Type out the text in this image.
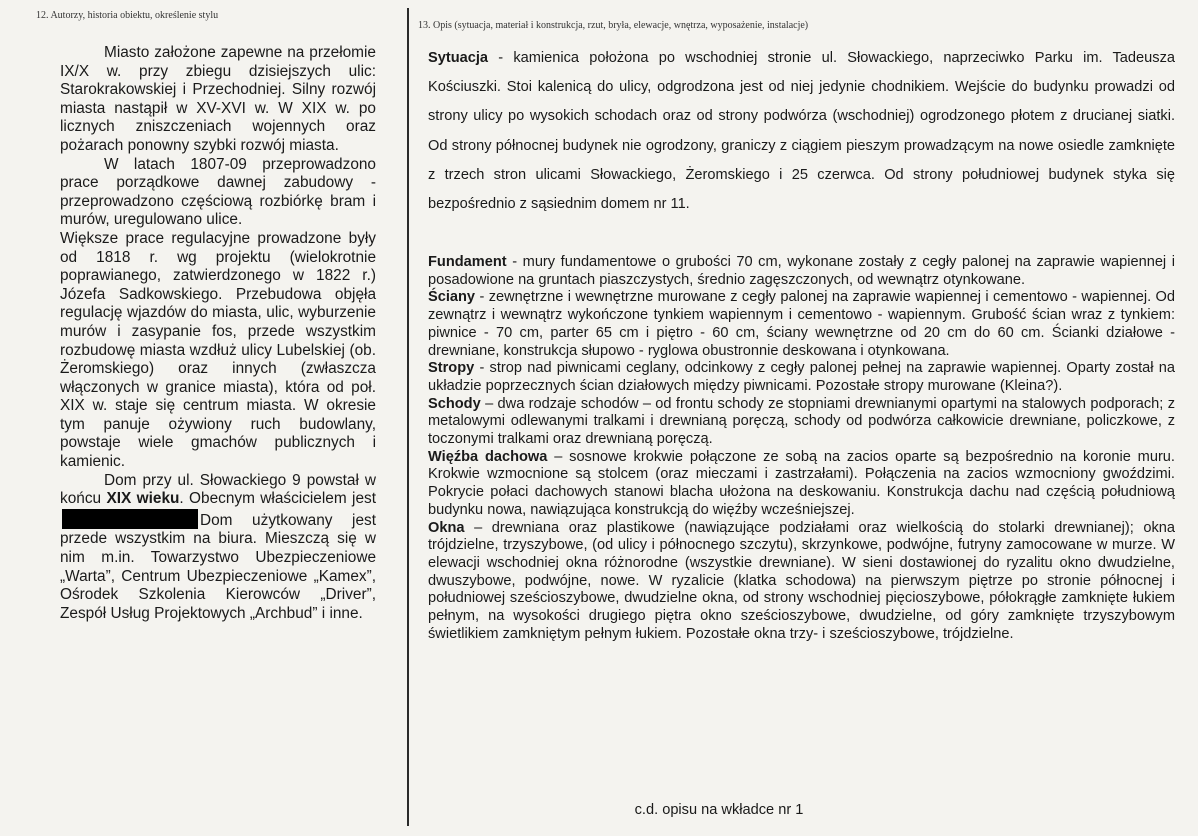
12. Autorzy, historia obiektu, określenie stylu
13. Opis (sytuacja, materiał i konstrukcja, rzut, bryła, elewacje, wnętrza, wyposażenie, instalacje)

Miasto założone zapewne na przełomie IX/X w. przy zbiegu dzisiejszych ulic: Starokrakowskiej i Przechodniej. Silny rozwój miasta nastąpił w XV-XVI w. W XIX w. po licznych zniszczeniach wojennych oraz pożarach ponowny szybki rozwój miasta.

W latach 1807-09 przeprowadzono prace porządkowe dawnej zabudowy - przeprowadzono częściową rozbiórkę bram i murów, uregulowano ulice.

Większe prace regulacyjne prowadzone były od 1818 r. wg projektu (wielokrotnie poprawianego, zatwierdzonego w 1822 r.) Józefa Sadkowskiego. Przebudowa objęła regulację wjazdów do miasta, ulic, wyburzenie murów i zasypanie fos, przede wszystkim rozbudowę miasta wzdłuż ulicy Lubelskiej (ob. Żeromskiego) oraz innych (zwłaszcza włączonych w granice miasta), która od poł. XIX w. staje się centrum miasta. W okresie tym panuje ożywiony ruch budowlany, powstaje wiele gmachów publicznych i kamienic.

Dom przy ul. Słowackiego 9 powstał w końcu XIX wieku. Obecnym właścicielem jestDom użytkowany jest przede wszystkim na biura. Mieszczą się w nim m.in. Towarzystwo Ubezpieczeniowe „Warta”, Centrum Ubezpieczeniowe „Kamex”, Ośrodek Szkolenia Kierowców „Driver”, Zespół Usług Projektowych „Archbud” i inne.

Sytuacja - kamienica położona po wschodniej stronie ul. Słowackiego, naprzeciwko Parku im. Tadeusza Kościuszki. Stoi kalenicą do ulicy, odgrodzona jest od niej jedynie chodnikiem. Wejście do budynku prowadzi od strony ulicy po wysokich schodach oraz od strony podwórza (wschodniej) ogrodzonego płotem z drucianej siatki. Od strony północnej budynek nie ogrodzony, graniczy z ciągiem pieszym prowadzącym na nowe osiedle zamknięte z trzech stron ulicami Słowackiego, Żeromskiego i 25 czerwca. Od strony południowej budynek styka się bezpośrednio z sąsiednim domem nr 11.

Fundament - mury fundamentowe o grubości 70 cm, wykonane zostały z cegły palonej na zaprawie wapiennej i posadowione na gruntach piaszczystych, średnio zagęszczonych, od wewnątrz otynkowane.

Ściany - zewnętrzne i wewnętrzne murowane z cegły palonej na zaprawie wapiennej i cementowo - wapiennej. Od zewnątrz i wewnątrz wykończone tynkiem wapiennym i cementowo - wapiennym. Grubość ścian wraz z tynkiem: piwnice - 70 cm, parter 65 cm i piętro - 60 cm, ściany wewnętrzne od 20 cm do 60 cm. Ścianki działowe - drewniane, konstrukcja słupowo - ryglowa obustronnie deskowana i otynkowana.

Stropy - strop nad piwnicami ceglany, odcinkowy z cegły palonej pełnej na zaprawie wapiennej. Oparty został na układzie poprzecznych ścian działowych między piwnicami. Pozostałe stropy murowane (Kleina?).

Schody – dwa rodzaje schodów – od frontu schody ze stopniami drewnianymi opartymi na stalowych podporach; z metalowymi odlewanymi tralkami i drewnianą poręczą, schody od podwórza całkowicie drewniane, policzkowe, z toczonymi tralkami oraz drewnianą poręczą.

Więźba dachowa – sosnowe krokwie połączone ze sobą na zacios oparte są bezpośrednio na koronie muru. Krokwie wzmocnione są stolcem (oraz mieczami i zastrzałami). Połączenia na zacios wzmocniony gwoździmi. Pokrycie połaci dachowych stanowi blacha ułożona na deskowaniu. Konstrukcja dachu nad częścią południową budynku nowa, nawiązująca konstrukcją do więźby wcześniejszej.

Okna – drewniana oraz plastikowe (nawiązujące podziałami oraz wielkością do stolarki drewnianej); okna trójdzielne, trzyszybowe, (od ulicy i północnego szczytu), skrzynkowe, podwójne, futryny zamocowane w murze. W elewacji wschodniej okna różnorodne (wszystkie drewniane). W sieni dostawionej do ryzalitu okno dwudzielne, dwuszybowe, podwójne, nowe. W ryzalicie (klatka schodowa) na pierwszym piętrze po stronie północnej i południowej sześcioszybowe, dwudzielne okna, od strony wschodniej pięcioszybowe, półokrągłe zamknięte łukiem pełnym, na wysokości drugiego piętra okno sześcioszybowe, dwudzielne, od góry zamknięte trzyszybowym świetlikiem zamkniętym pełnym łukiem. Pozostałe okna trzy- i sześcioszybowe, trójdzielne.

c.d. opisu na wkładce nr 1
